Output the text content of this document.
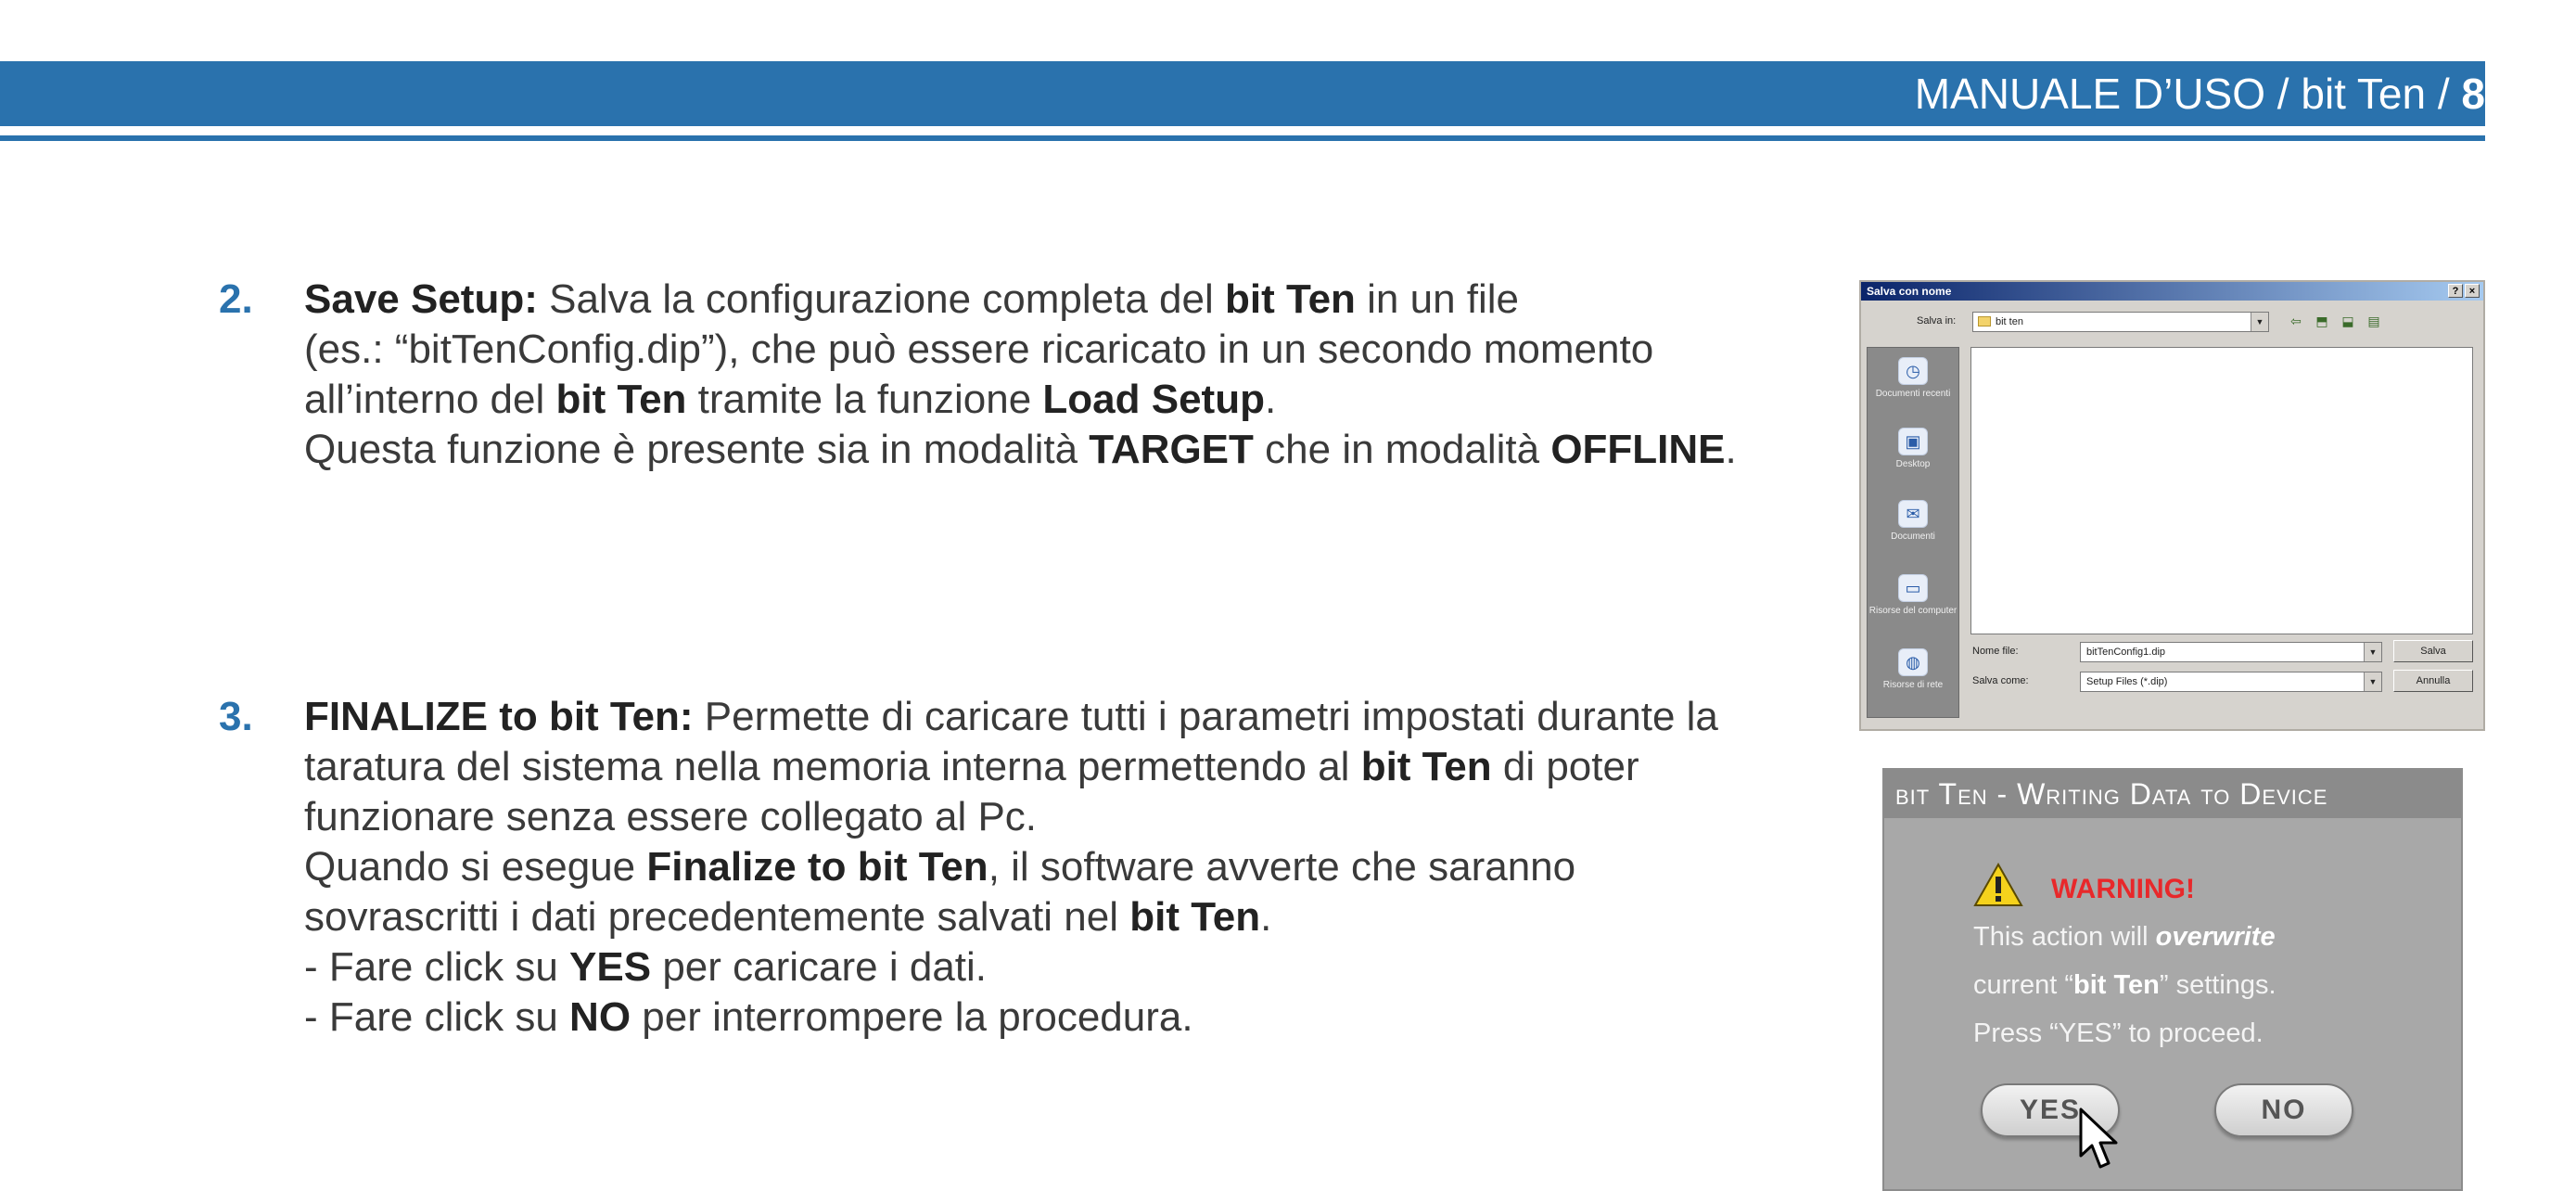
MANUALE D’USO / bit Ten / 8
2. Save Setup: Salva la configurazione completa del bit Ten in un file

(es.: “bitTenConfig.dip”), che può essere ricaricato in un secondo momento

all’interno del bit Ten tramite la funzione Load Setup.

Questa funzione è presente sia in modalità TARGET che in modalità OFFLINE.

3. FINALIZE to bit Ten: Permette di caricare tutti i parametri impostati durante la

taratura del sistema nella memoria interna permettendo al bit Ten di poter

funzionare senza essere collegato al Pc.

Quando si esegue Finalize to bit Ten, il software avverte che saranno

sovrascritti i dati precedentemente salvati nel bit Ten.

- Fare click su YES per caricare i dati.

- Fare click su NO per interrompere la procedura.

Salva con nome	?	×
Salva in:	bit ten	▼	⇦	⬒	⬓	▤
◷
Documenti recenti
▣
Desktop
✉
Documenti
▭
Risorse del computer
◍
Risorse di rete
Nome file:	bitTenConfig1.dip	▼	Salva
Salva come:	Setup Files (*.dip)	▼	Annulla
bit Ten - Writing Data to Device
WARNING!
This action will overwrite
current “bit Ten” settings.
Press “YES” to proceed.
YES	NO
